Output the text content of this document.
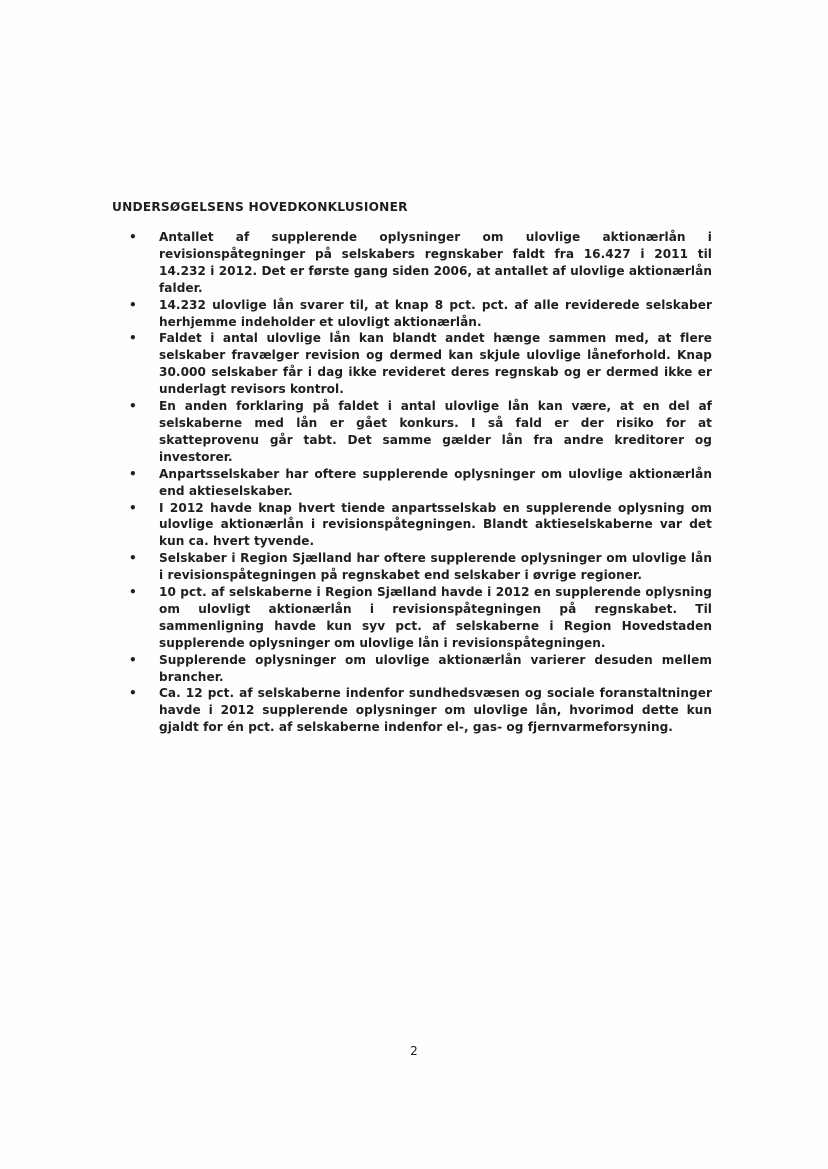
UNDERSØGELSENS HOVEDKONKLUSIONER
• Antallet af supplerende oplysninger om ulovlige aktionærlån i revisionspåtegninger på selskabers regnskaber faldt fra 16.427 i 2011 til 14.232 i 2012. Det er første gang siden 2006, at antallet af ulovlige aktionærlån falder.
• 14.232 ulovlige lån svarer til, at knap 8 pct. pct. af alle reviderede selskaber herhjemme indeholder et ulovligt aktionærlån.
• Faldet i antal ulovlige lån kan blandt andet hænge sammen med, at flere selskaber fravælger revision og dermed kan skjule ulovlige låneforhold. Knap 30.000 selskaber får i dag ikke revideret deres regnskab og er dermed ikke er underlagt revisors kontrol.
• En anden forklaring på faldet i antal ulovlige lån kan være, at en del af selskaberne med lån er gået konkurs. I så fald er der risiko for at skatteprovenu går tabt. Det samme gælder lån fra andre kreditorer og investorer.
• Anpartsselskaber har oftere supplerende oplysninger om ulovlige aktionærlån end aktieselskaber.
• I 2012 havde knap hvert tiende anpartsselskab en supplerende oplysning om ulovlige aktionærlån i revisionspåtegningen. Blandt aktieselskaberne var det kun ca. hvert tyvende.
• Selskaber i Region Sjælland har oftere supplerende oplysninger om ulovlige lån i revisionspåtegningen på regnskabet end selskaber i øvrige regioner.
• 10 pct. af selskaberne i Region Sjælland havde i 2012 en supplerende oplysning om ulovligt aktionærlån i revisionspåtegningen på regnskabet. Til sammenligning havde kun syv pct. af selskaberne i Region Hovedstaden supplerende oplysninger om ulovlige lån i revisionspåtegningen.
• Supplerende oplysninger om ulovlige aktionærlån varierer desuden mellem brancher.
• Ca. 12 pct. af selskaberne indenfor sundhedsvæsen og sociale foranstaltninger havde i 2012 supplerende oplysninger om ulovlige lån, hvorimod dette kun gjaldt for én pct. af selskaberne indenfor el-, gas- og fjernvarmeforsyning.
2
